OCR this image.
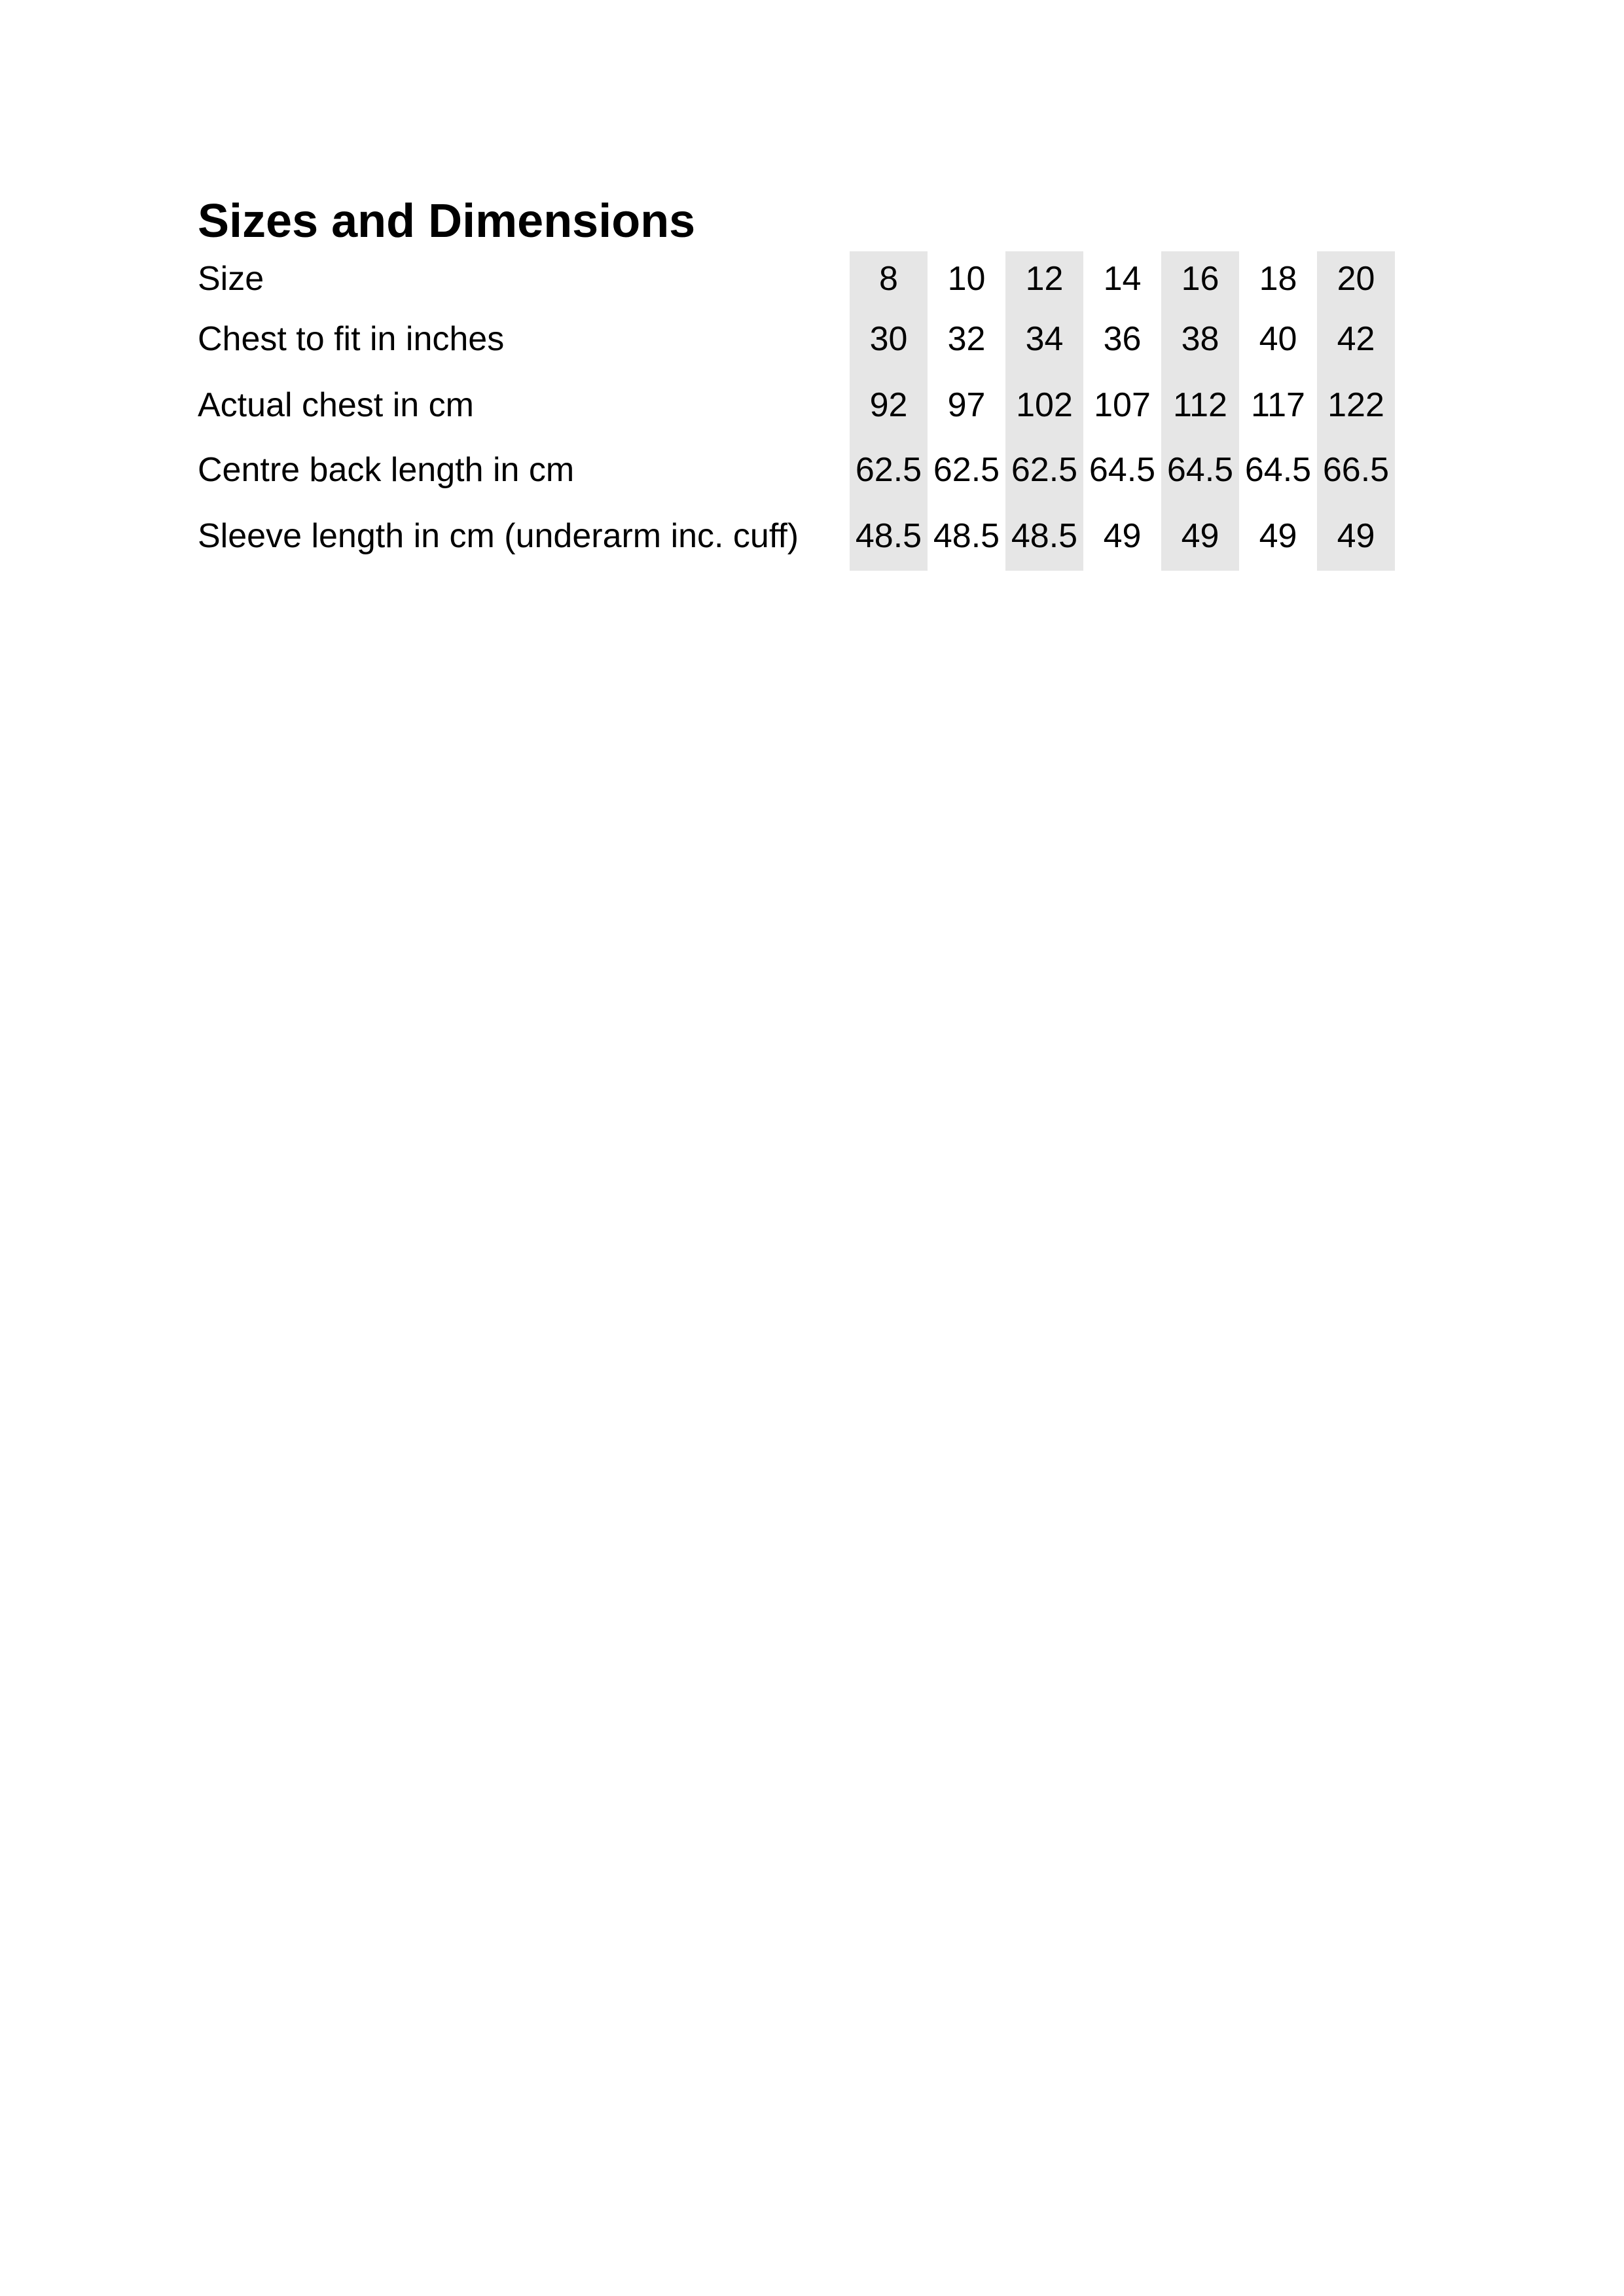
Sizes and Dimensions
Size	8	10	12	14	16	18	20
Chest to fit in inches	30	32	34	36	38	40	42
Actual chest in cm	92	97	102	107	112	117	122
Centre back length in cm	62.5	62.5	62.5	64.5	64.5	64.5	66.5
Sleeve length in cm (underarm inc. cuff)	48.5	48.5	48.5	49	49	49	49
